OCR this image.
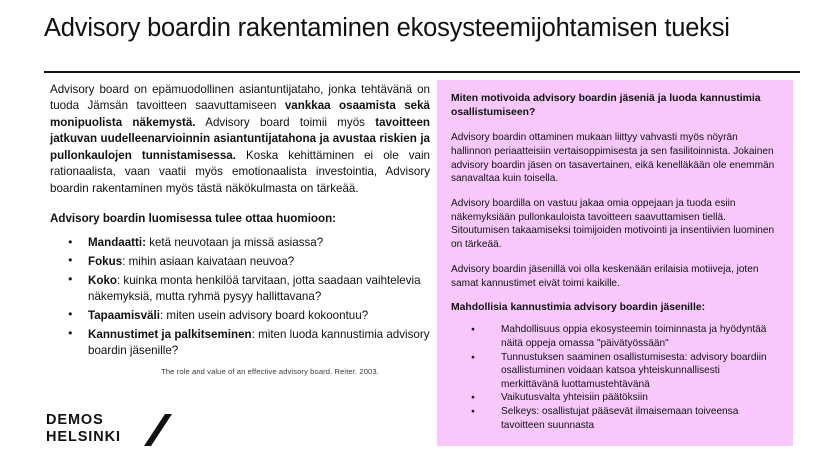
Advisory boardin rakentaminen ekosysteemijohtamisen tueksi

Advisory board on epämuodollinen asiantuntijataho, jonka tehtävänä on tuoda Jämsän tavoitteen saavuttamiseen vankkaa osaamista sekä monipuolista näkemystä. Advisory board toimii myös tavoitteen jatkuvan uudelleenarvioinnin asiantuntijatahona ja avustaa riskien ja pullonkaulojen tunnistamisessa. Koska kehittäminen ei ole vain rationaalista, vaan vaatii myös emotionaalista investointia, Advisory boardin rakentaminen myös tästä näkökulmasta on tärkeää.

Advisory boardin luomisessa tulee ottaa huomioon:

● Mandaatti: ketä neuvotaan ja missä asiassa?
● Fokus: mihin asiaan kaivataan neuvoa?
● Koko: kuinka monta henkilöä tarvitaan, jotta saadaan vaihtelevia näkemyksiä, mutta ryhmä pysyy hallittavana?
● Tapaamisväli: miten usein advisory board kokoontuu?
● Kannustimet ja palkitseminen: miten luoda kannustimia advisory boardin jäsenille?
The role and value of an effective advisory board. Reiter. 2003.
DEMOS
HELSINKI

Miten motivoida advisory boardin jäseniä ja luoda kannustimia osallistumiseen?

Advisory boardin ottaminen mukaan liittyy vahvasti myös nöyrän hallinnon periaatteisiin vertaisoppimisesta ja sen fasilitoinnista. Jokainen advisory boardin jäsen on tasavertainen, eikä kenelläkään ole enemmän sanavaltaa kuin toisella.

Advisory boardilla on vastuu jakaa omia oppejaan ja tuoda esiin näkemyksiään pullonkauloista tavoitteen saavuttamisen tiellä. Sitoutumisen takaamiseksi toimijoiden motivointi ja insentiivien luominen on tärkeää.

Advisory boardin jäsenillä voi olla keskenään erilaisia motiiveja, joten samat kannustimet eivät toimi kaikille.

Mahdollisia kannustimia advisory boardin jäsenille:

● Mahdollisuus oppia ekosysteemin toiminnasta ja hyödyntää näitä oppeja omassa "päivätyössään"
● Tunnustuksen saaminen osallistumisesta: advisory boardiin osallistuminen voidaan katsoa yhteiskunnallisesti merkittävänä luottamustehtävänä
● Vaikutusvalta yhteisiin päätöksiin
● Selkeys: osallistujat pääsevät ilmaisemaan toiveensa tavoitteen suunnasta
